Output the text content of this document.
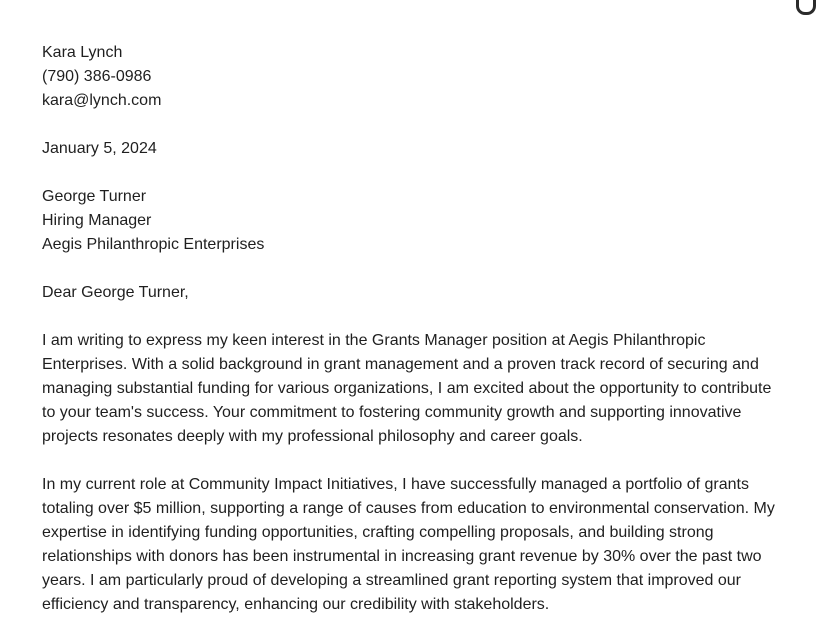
Kara Lynch
(790) 386-0986
kara@lynch.com
January 5, 2024
George Turner
Hiring Manager
Aegis Philanthropic Enterprises
Dear George Turner,
I am writing to express my keen interest in the Grants Manager position at Aegis Philanthropic
Enterprises. With a solid background in grant management and a proven track record of securing and
managing substantial funding for various organizations, I am excited about the opportunity to contribute
to your team's success. Your commitment to fostering community growth and supporting innovative
projects resonates deeply with my professional philosophy and career goals.
In my current role at Community Impact Initiatives, I have successfully managed a portfolio of grants
totaling over $5 million, supporting a range of causes from education to environmental conservation. My
expertise in identifying funding opportunities, crafting compelling proposals, and building strong
relationships with donors has been instrumental in increasing grant revenue by 30% over the past two
years. I am particularly proud of developing a streamlined grant reporting system that improved our
efficiency and transparency, enhancing our credibility with stakeholders.
